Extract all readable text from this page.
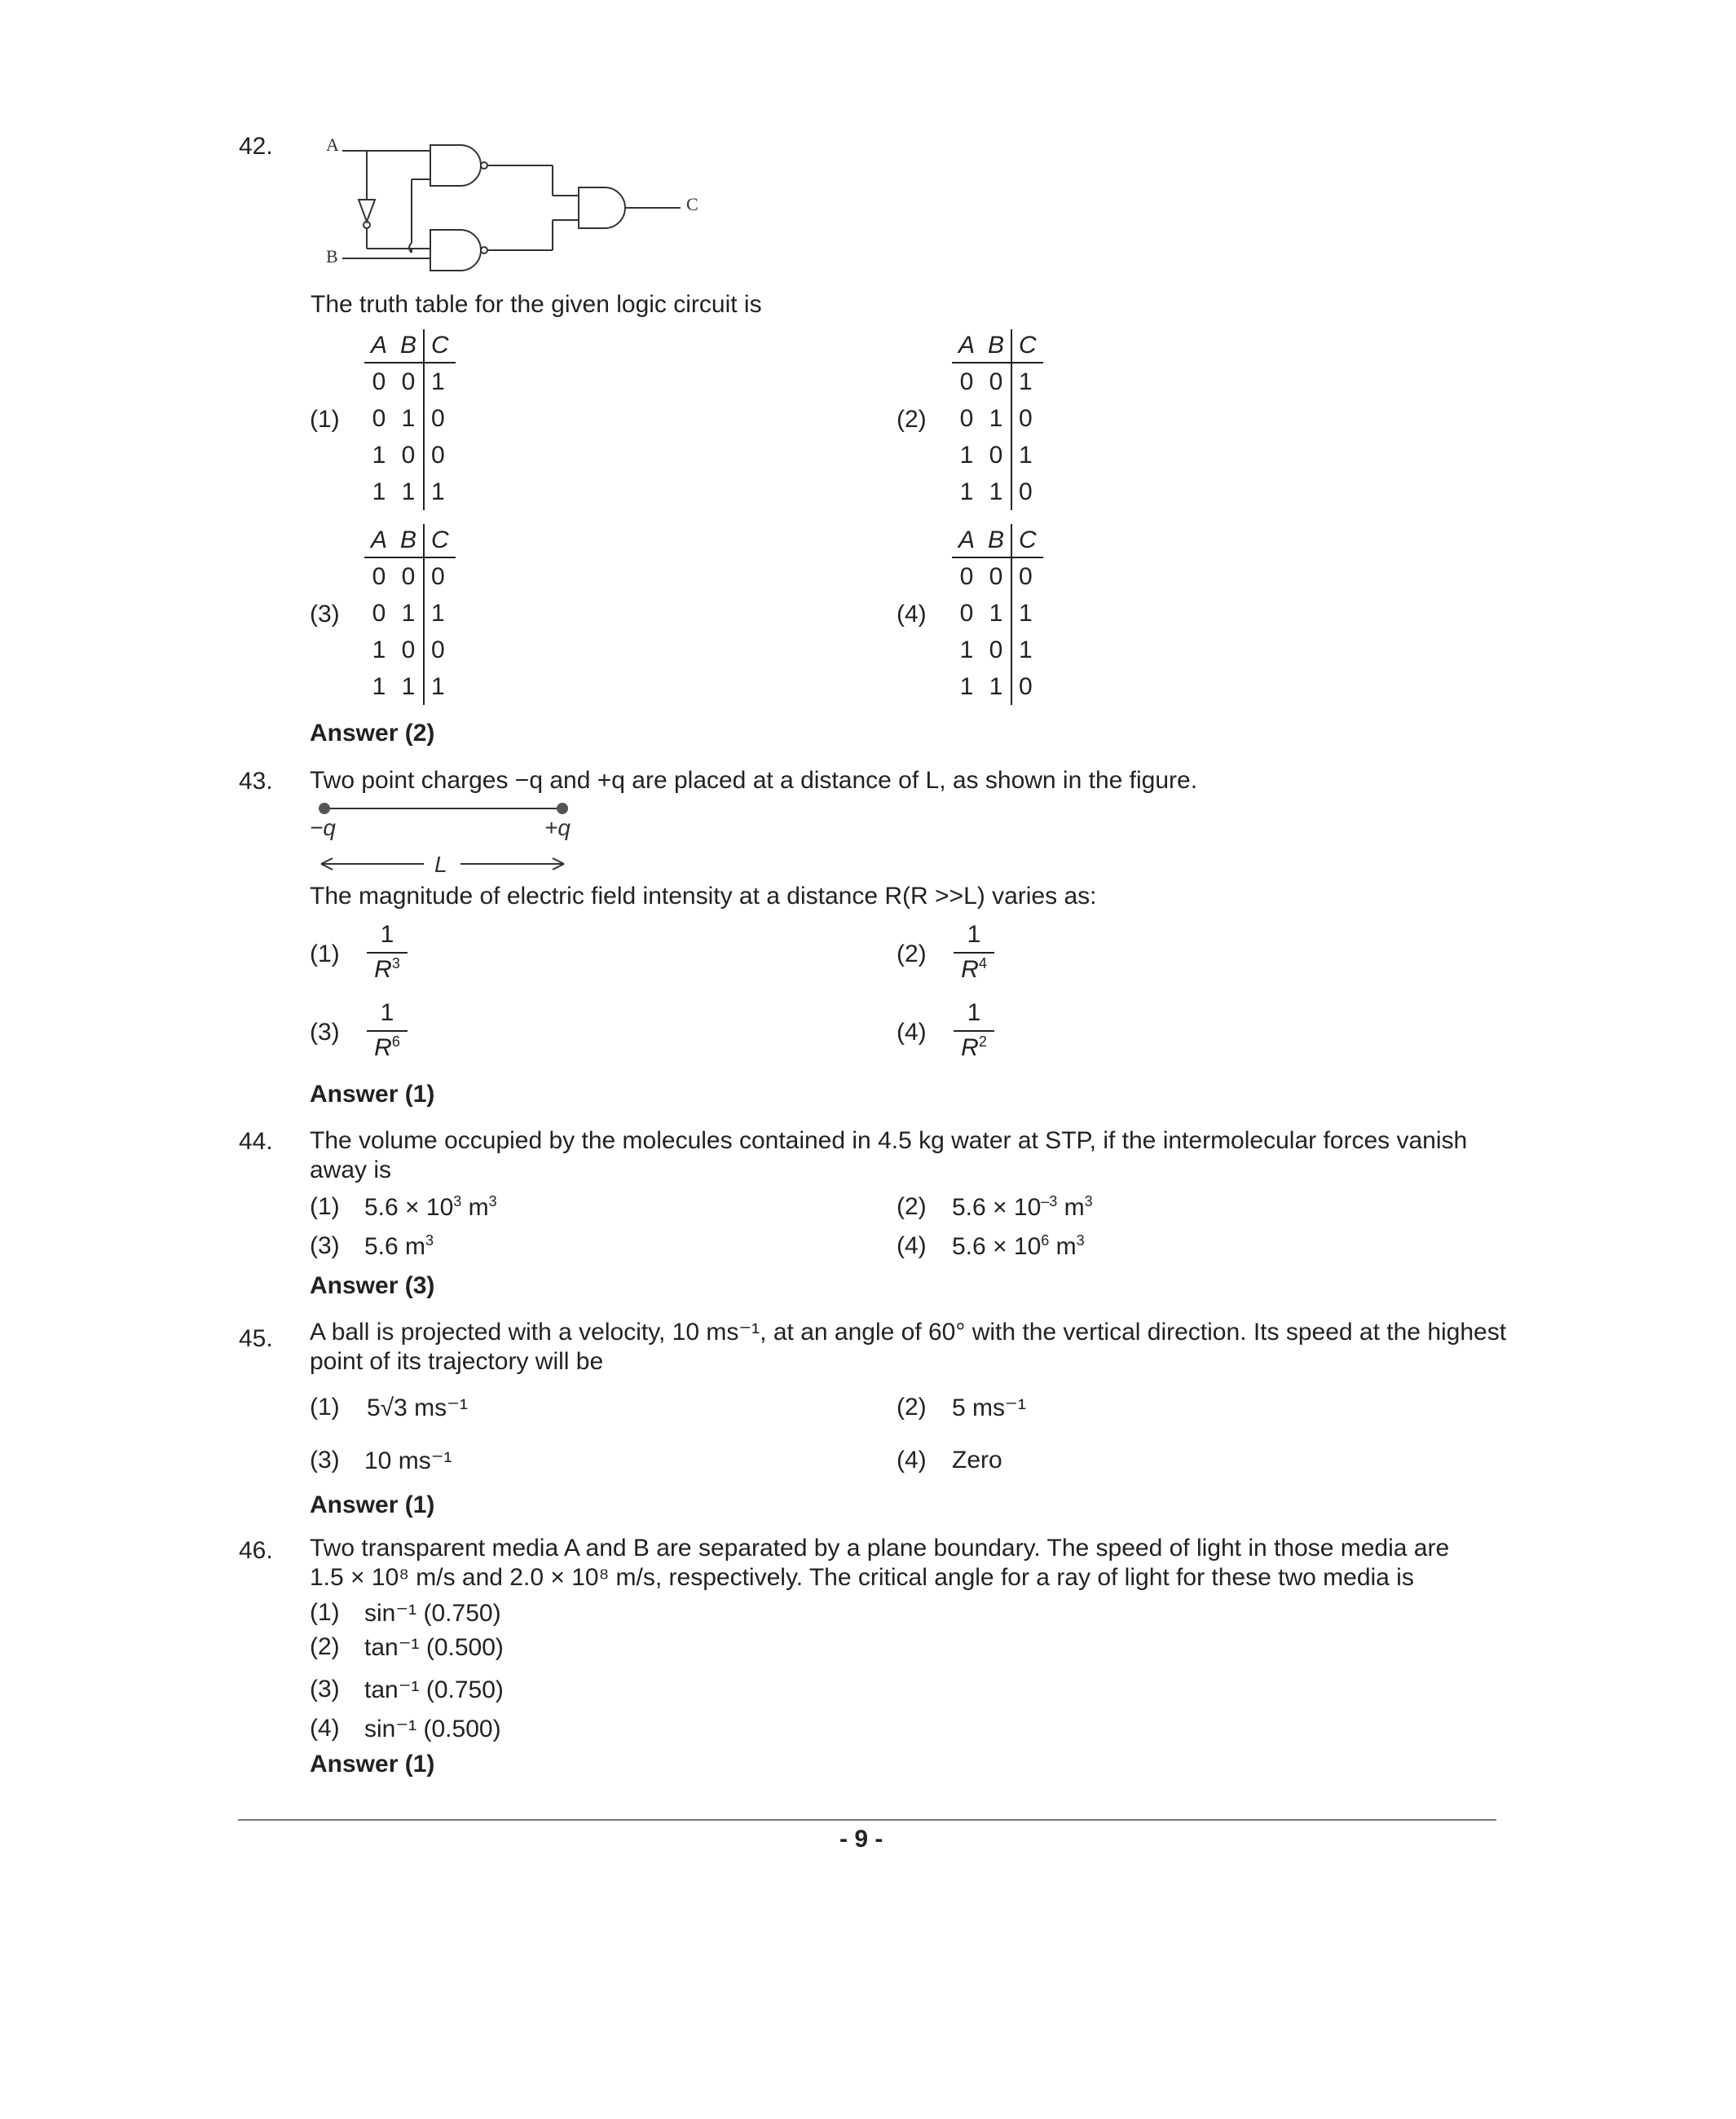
42.	A
B
C
The truth table for the given logic circuit is
(1)
A	B	C
0	0	1
0	1	0
1	0	0
1	1	1
(2)
A	B	C
0	0	1
0	1	0
1	0	1
1	1	0
(3)
A	B	C
0	0	0
0	1	1
1	0	0
1	1	1
(4)
A	B	C
0	0	0
0	1	1
1	0	1
1	1	0
Answer (2)
43. Two point charges −q and +q are placed at a distance of L, as shown in the figure.
−q	+q
L
The magnitude of electric field intensity at a distance R(R >>L) varies as:
$(1) \frac{1}{R^3}$	$(2) \frac{1}{R^4}$
$(3) \frac{1}{R^6}$	$(4) \frac{1}{R^2}$
Answer (1)
44. The volume occupied by the molecules contained in 4.5 kg water at STP, if the intermolecular forces vanish
away is
(1) $5.6 \times 10^3$ $m^3$	(2) $5.6 \times 10^{-3}$ $m^3$
(3) 5.6 $m^3$	(4) $5.6 \times 10^6$ $m^3$
Answer (3)
45. A ball is projected with a velocity, 10 ms⁻¹, at an angle of 60° with the vertical direction. Its speed at the highest
point of its trajectory will be
(1) 5√3 ms⁻¹	(2) 5 ms⁻¹
(3) 10 ms⁻¹	(4) Zero
Answer (1)
46. Two transparent media A and B are separated by a plane boundary. The speed of light in those media are
1.5 × 10⁸ m/s and 2.0 × 10⁸ m/s, respectively. The critical angle for a ray of light for these two media is
(1) sin⁻¹ (0.750)
(2) tan⁻¹ (0.500)
(3) tan⁻¹ (0.750)
(4) sin⁻¹ (0.500)
Answer (1)
- 9 -
